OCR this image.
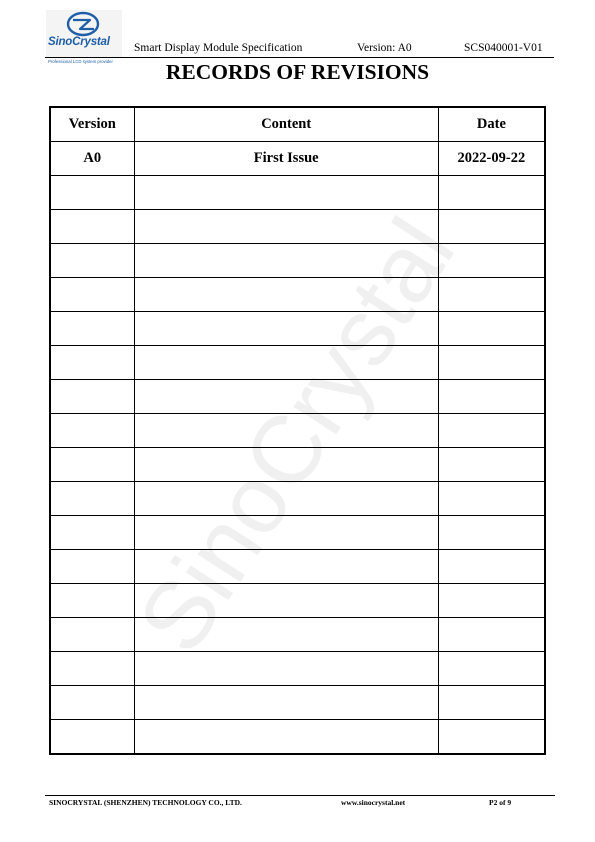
SinoCrystal
Professional LCD system provider
Smart Display Module Specification	Version: A0	SCS040001-V01
SinoCrystal
RECORDS OF REVISIONS
Version	Content	Date
A0	First Issue	2022-09-22

SINOCRYSTAL (SHENZHEN) TECHNOLOGY CO., LTD.	www.sinocrystal.net	P2 of 9
